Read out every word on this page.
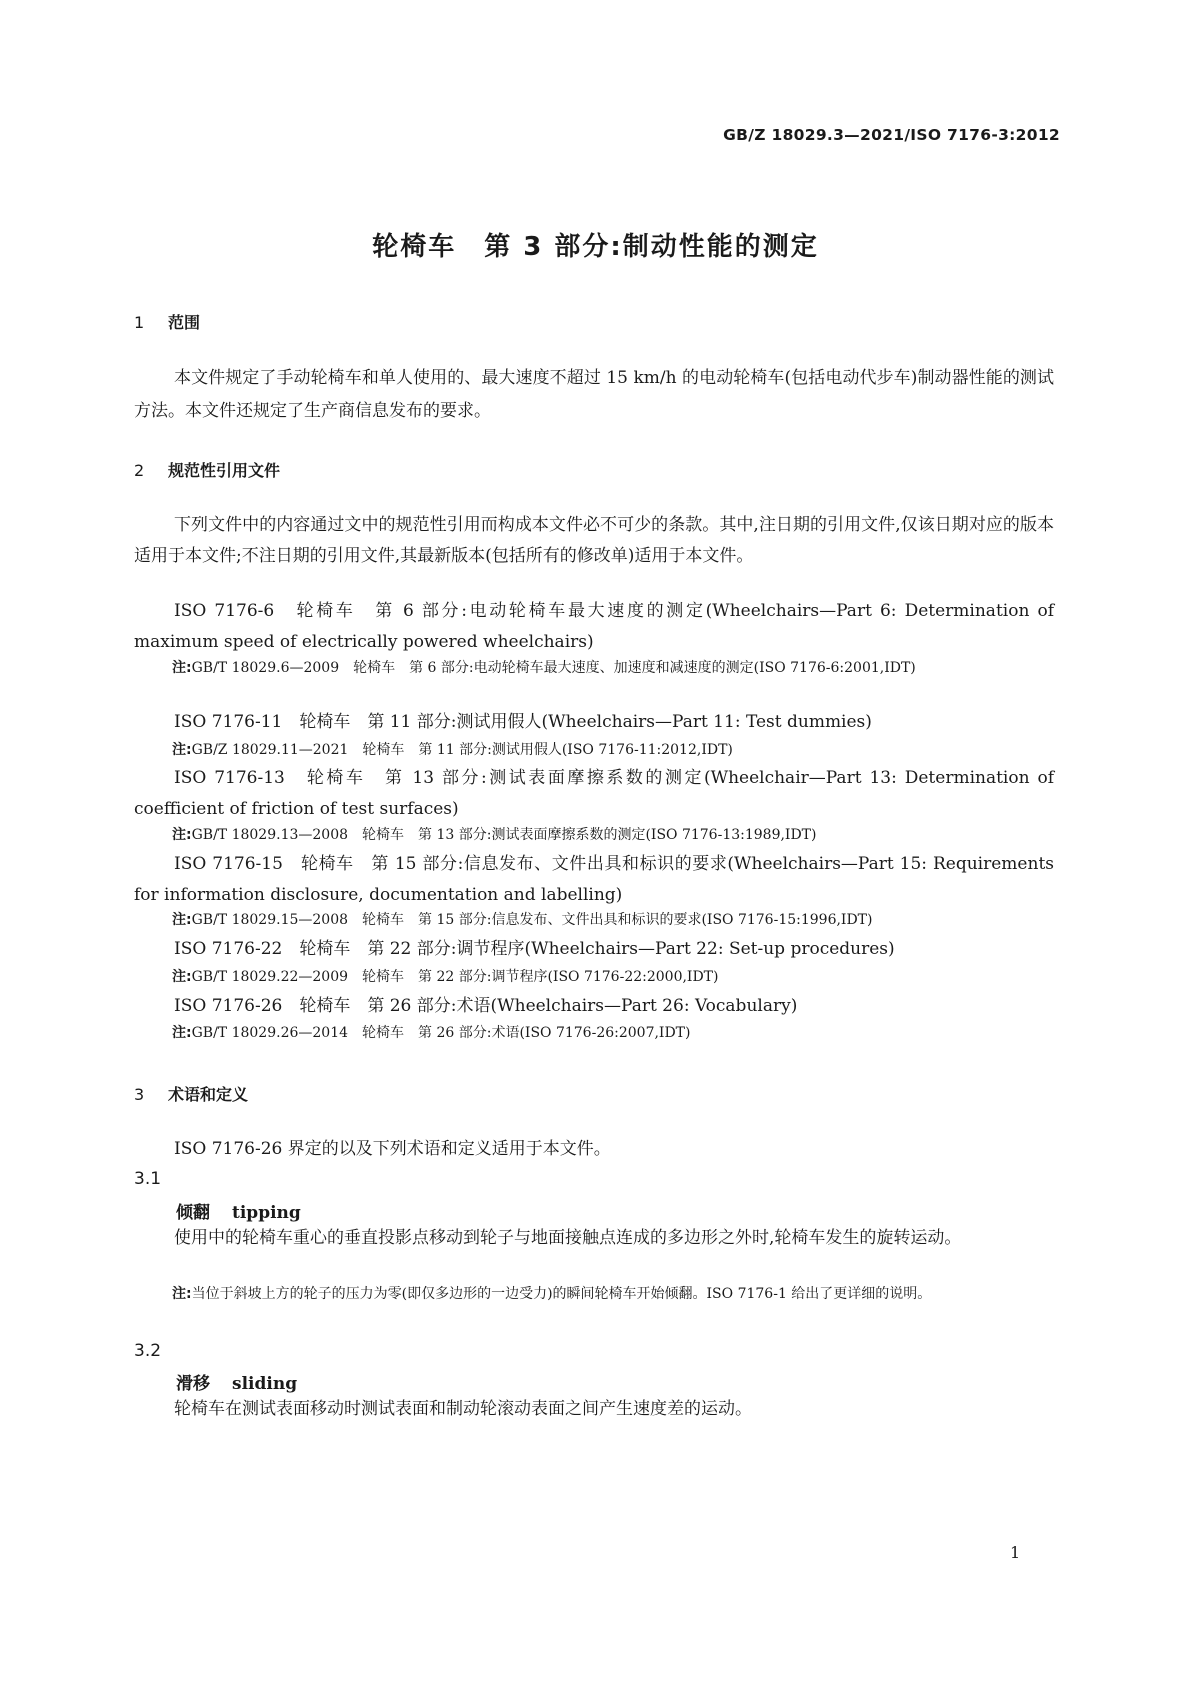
GB/Z 18029.3—2021/ISO 7176-3:2012
轮椅车　第 3 部分:制动性能的测定
1 范围
本文件规定了手动轮椅车和单人使用的、最大速度不超过 15 km/h 的电动轮椅车(包括电动代步车)制动器性能的测试方法。本文件还规定了生产商信息发布的要求。
2 规范性引用文件
下列文件中的内容通过文中的规范性引用而构成本文件必不可少的条款。其中,注日期的引用文件,仅该日期对应的版本适用于本文件;不注日期的引用文件,其最新版本(包括所有的修改单)适用于本文件。
ISO 7176-6　轮椅车　第 6 部分:电动轮椅车最大速度的测定(Wheelchairs—Part 6: Determination of maximum speed of electrically powered wheelchairs)
注:GB/T 18029.6—2009　轮椅车　第 6 部分:电动轮椅车最大速度、加速度和减速度的测定(ISO 7176-6:2001,IDT)
ISO 7176-11　轮椅车　第 11 部分:测试用假人(Wheelchairs—Part 11: Test dummies)
注:GB/Z 18029.11—2021　轮椅车　第 11 部分:测试用假人(ISO 7176-11:2012,IDT)
ISO 7176-13　轮椅车　第 13 部分:测试表面摩擦系数的测定(Wheelchair—Part 13: Determination of coefficient of friction of test surfaces)
注:GB/T 18029.13—2008　轮椅车　第 13 部分:测试表面摩擦系数的测定(ISO 7176-13:1989,IDT)
ISO 7176-15　轮椅车　第 15 部分:信息发布、文件出具和标识的要求(Wheelchairs—Part 15: Requirements for information disclosure, documentation and labelling)
注:GB/T 18029.15—2008　轮椅车　第 15 部分:信息发布、文件出具和标识的要求(ISO 7176-15:1996,IDT)
ISO 7176-22　轮椅车　第 22 部分:调节程序(Wheelchairs—Part 22: Set-up procedures)
注:GB/T 18029.22—2009　轮椅车　第 22 部分:调节程序(ISO 7176-22:2000,IDT)
ISO 7176-26　轮椅车　第 26 部分:术语(Wheelchairs—Part 26: Vocabulary)
注:GB/T 18029.26—2014　轮椅车　第 26 部分:术语(ISO 7176-26:2007,IDT)
3 术语和定义
ISO 7176-26 界定的以及下列术语和定义适用于本文件。
3.1
倾翻 tipping
使用中的轮椅车重心的垂直投影点移动到轮子与地面接触点连成的多边形之外时,轮椅车发生的旋转运动。
注:当位于斜坡上方的轮子的压力为零(即仅多边形的一边受力)的瞬间轮椅车开始倾翻。ISO 7176-1 给出了更详细的说明。
3.2
滑移 sliding
轮椅车在测试表面移动时测试表面和制动轮滚动表面之间产生速度差的运动。
1
